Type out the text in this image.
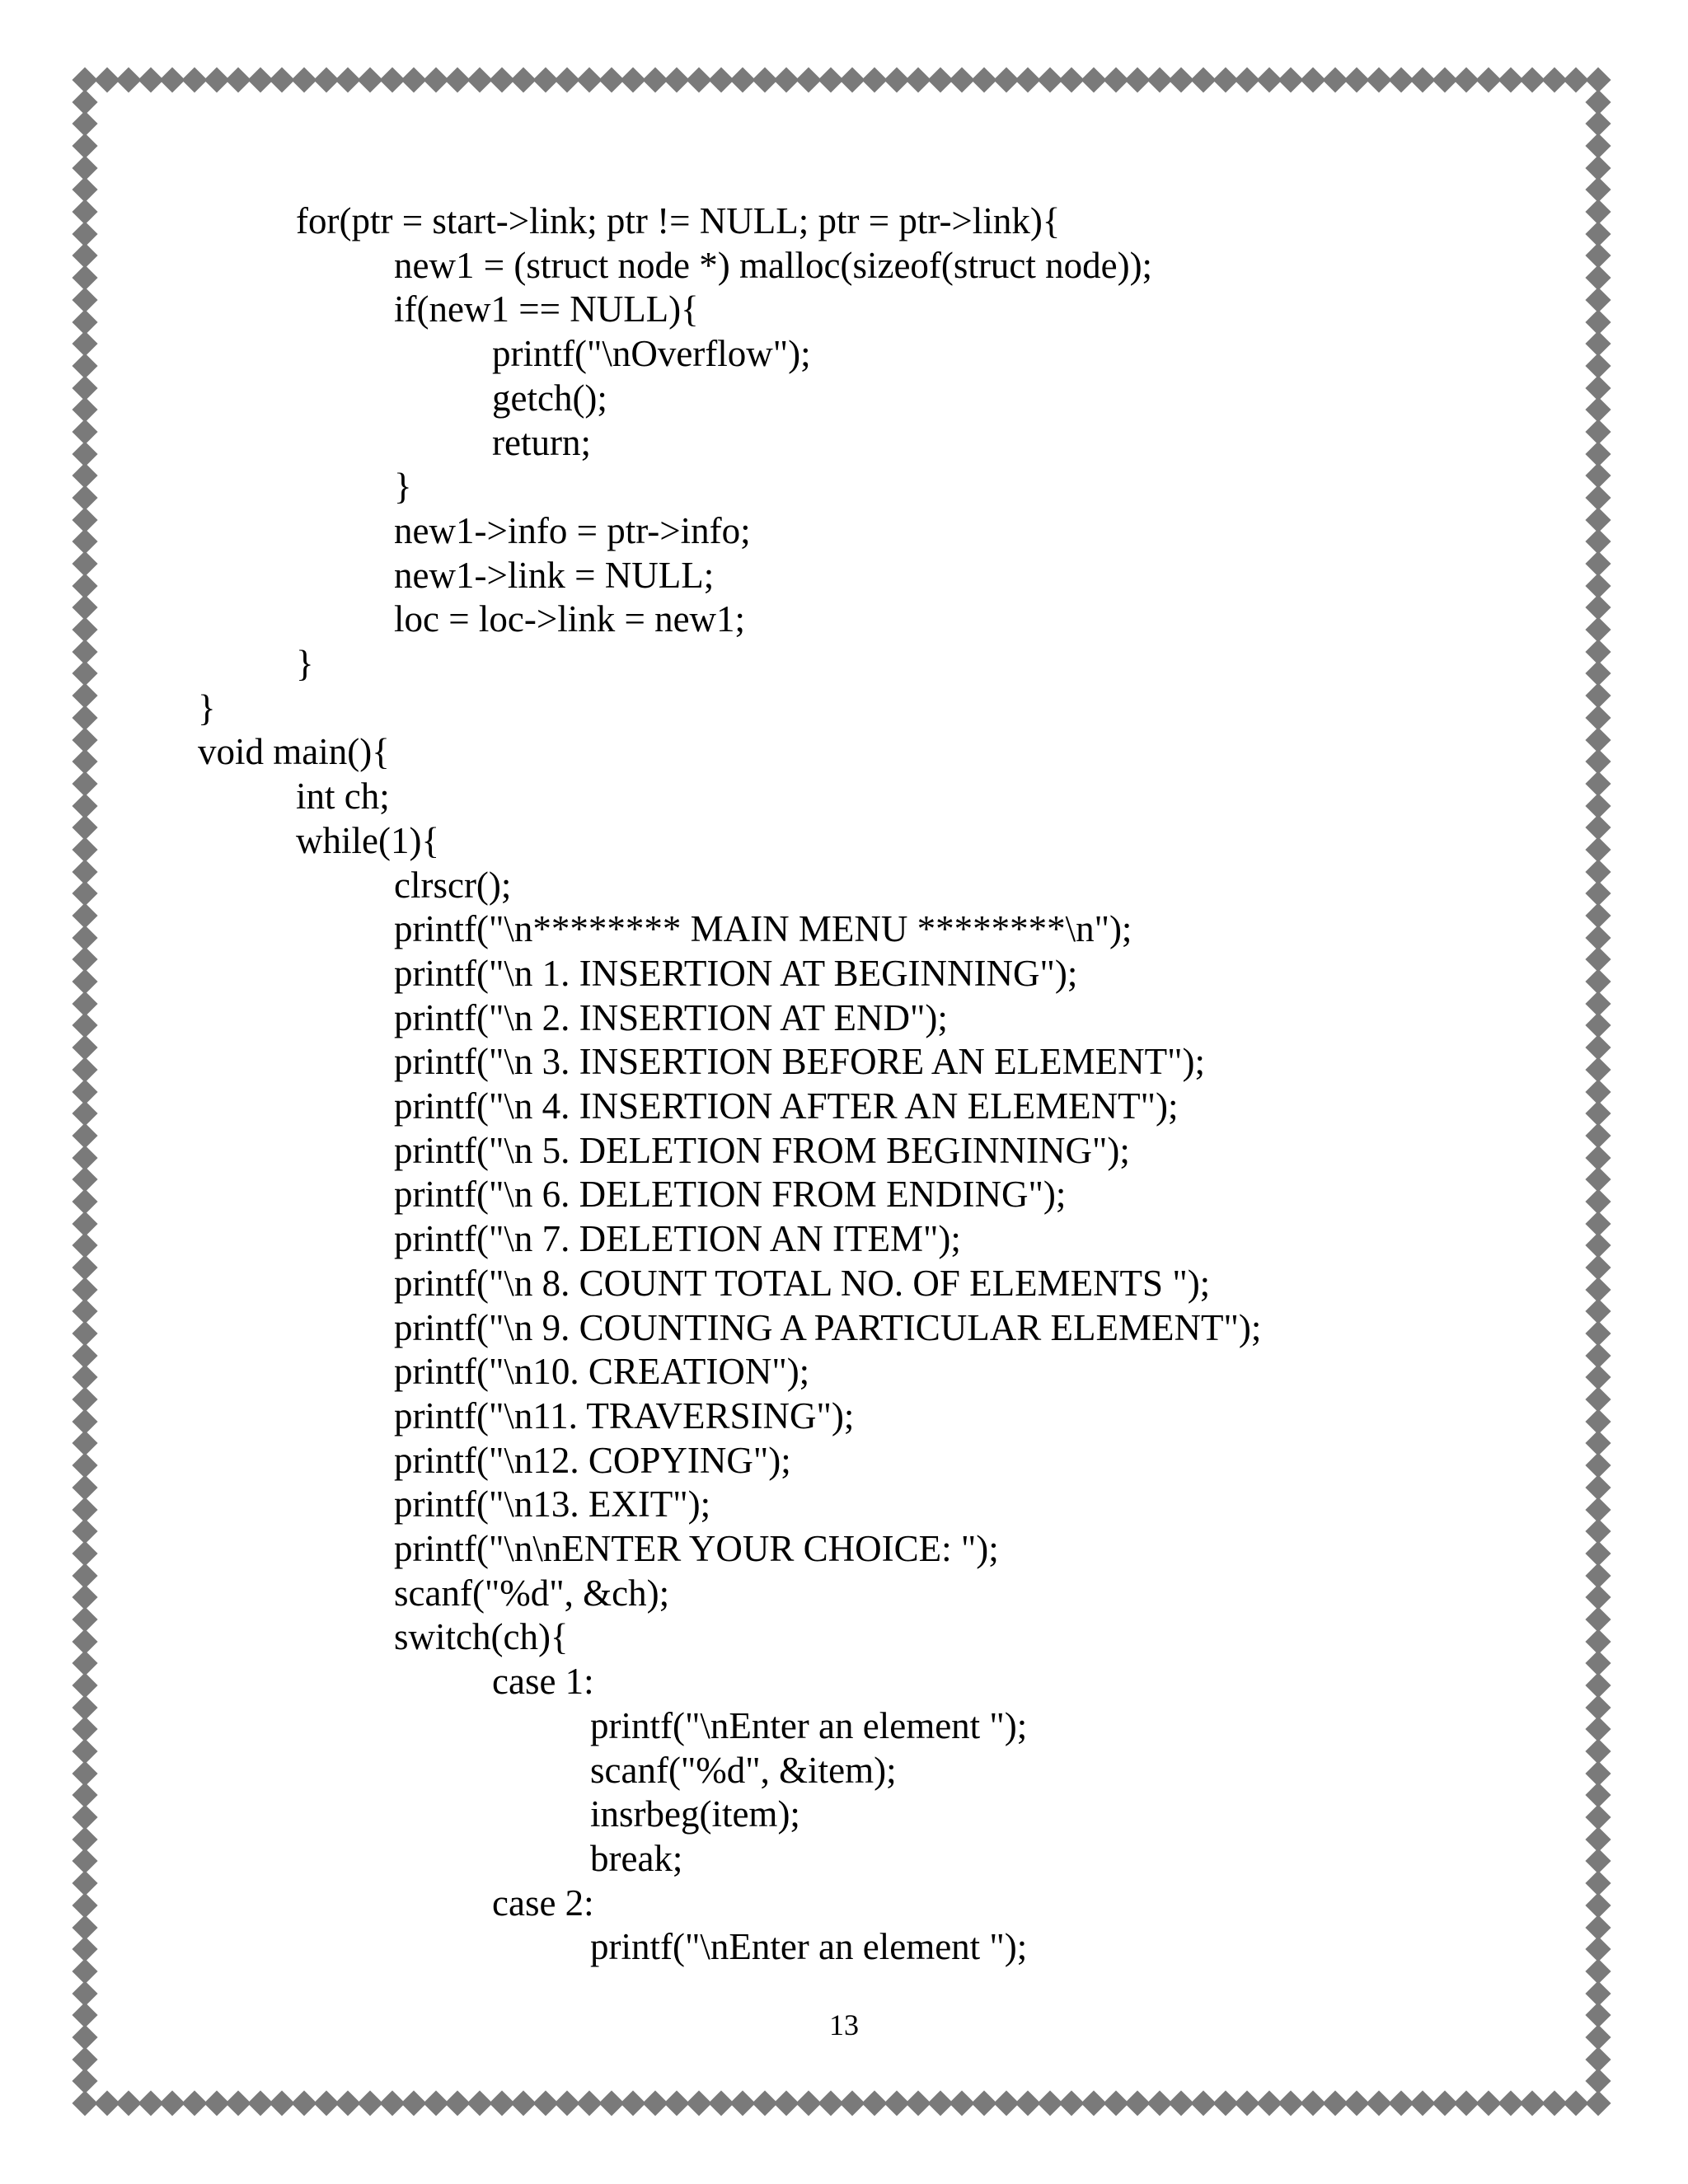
for(ptr = start->link; ptr != NULL; ptr = ptr->link){
new1 = (struct node *) malloc(sizeof(struct node));
if(new1 == NULL){
printf("\nOverflow");
getch();
return;
}
new1->info = ptr->info;
new1->link = NULL;
loc = loc->link = new1;
}
}
void main(){
int ch;
while(1){
clrscr();
printf("\n******** MAIN MENU ********\n");
printf("\n 1. INSERTION AT BEGINNING");
printf("\n 2. INSERTION AT END");
printf("\n 3. INSERTION BEFORE AN ELEMENT");
printf("\n 4. INSERTION AFTER AN ELEMENT");
printf("\n 5. DELETION FROM BEGINNING");
printf("\n 6. DELETION FROM ENDING");
printf("\n 7. DELETION AN ITEM");
printf("\n 8. COUNT TOTAL NO. OF ELEMENTS ");
printf("\n 9. COUNTING A PARTICULAR ELEMENT");
printf("\n10. CREATION");
printf("\n11. TRAVERSING");
printf("\n12. COPYING");
printf("\n13. EXIT");
printf("\n\nENTER YOUR CHOICE: ");
scanf("%d", &ch);
switch(ch){
case 1:
printf("\nEnter an element ");
scanf("%d", &item);
insrbeg(item);
break;
case 2:
printf("\nEnter an element ");
13
